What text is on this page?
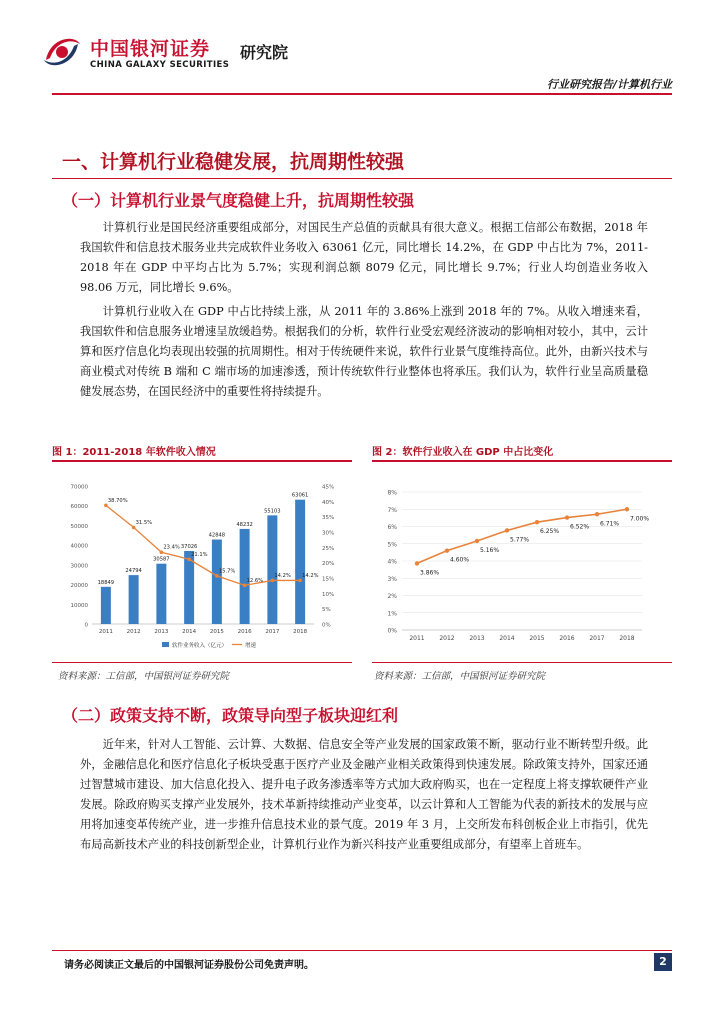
中国银河证券
CHINA GALAXY SECURITIES
研究院
行业研究报告/计算机行业
一、计算机行业稳健发展，抗周期性较强
（一）计算机行业景气度稳健上升，抗周期性较强
计算机行业是国民经济重要组成部分，对国民生产总值的贡献具有很大意义。根据工信部公布数据，2018 年我国软件和信息技术服务业共完成软件业务收入 63061 亿元，同比增长 14.2%，在 GDP 中占比为 7%，2011-2018 年在 GDP 中平均占比为 5.7%；实现利润总额 8079 亿元，同比增长 9.7%；行业人均创造业务收入 98.06 万元，同比增长 9.6%。
计算机行业收入在 GDP 中占比持续上涨，从 2011 年的 3.86%上涨到 2018 年的 7%。从收入增速来看，我国软件和信息服务业增速呈放缓趋势。根据我们的分析，软件行业受宏观经济波动的影响相对较小，其中，云计算和医疗信息化均表现出较强的抗周期性。相对于传统硬件来说，软件行业景气度维持高位。此外，由新兴技术与商业模式对传统 B 端和 C 端市场的加速渗透，预计传统软件行业整体也将承压。我们认为，软件行业呈高质量稳健发展态势，在国民经济中的重要性将持续提升。
图 1：2011-2018 年软件收入情况
0
10000
20000
30000
40000
50000
60000
70000
0%
5%
10%
15%
20%
25%
30%
35%
40%
45%
18849
2011
24794
2012
30587
2013
37026
2014
42848
2015
48232
2016
55103
2017
63061
2018
38.70%
31.5%
23.4%
21.1%
15.7%
12.6%
14.2% 14.2%
软件业务收入（亿元）	增速
资料来源：工信部，中国银河证券研究院
图 2：软件行业收入在 GDP 中占比变化
0%
1%
2%
3%
4%
5%
6%
7%
8%
2011 2012 2013 2014 2015 2016 2017 2018
3.86%
4.60%
5.16%
5.77%
6.25%
6.52% 6.71%
7.00%
资料来源：工信部，中国银河证券研究院
（二）政策支持不断，政策导向型子板块迎红利
近年来，针对人工智能、云计算、大数据、信息安全等产业发展的国家政策不断，驱动行业不断转型升级。此外，金融信息化和医疗信息化子板块受惠于医疗产业及金融产业相关政策得到快速发展。除政策支持外，国家还通过智慧城市建设、加大信息化投入、提升电子政务渗透率等方式加大政府购买，也在一定程度上将支撑软硬件产业发展。除政府购买支撑产业发展外，技术革新持续推动产业变革，以云计算和人工智能为代表的新技术的发展与应用将加速变革传统产业，进一步推升信息技术业的景气度。2019 年 3 月，上交所发布科创板企业上市指引，优先布局高新技术产业的科技创新型企业，计算机行业作为新兴科技产业重要组成部分，有望率上首班车。
请务必阅读正文最后的中国银河证券股份公司免责声明。	2
